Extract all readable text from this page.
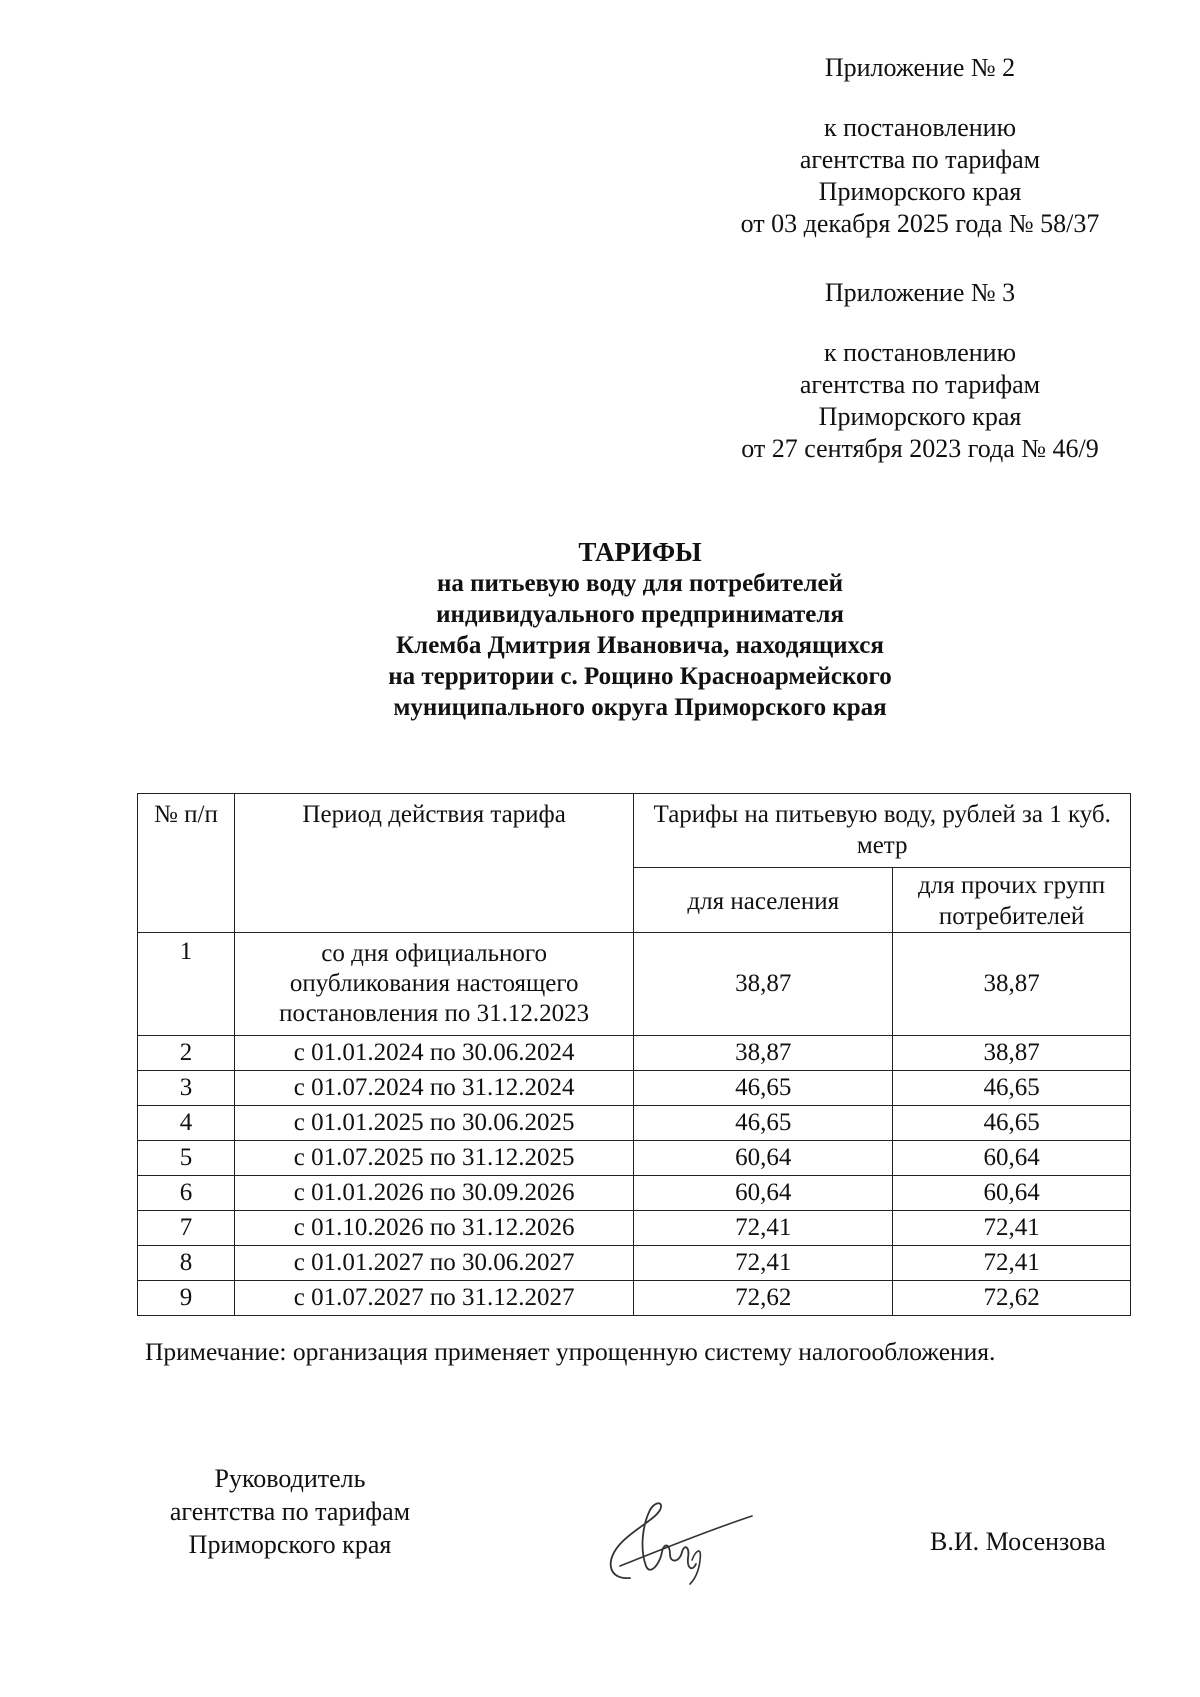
Приложение № 2
к постановлению
агентства по тарифам
Приморского края
от 03 декабря 2025 года № 58/37
Приложение № 3
к постановлению
агентства по тарифам
Приморского края
от 27 сентября 2023 года № 46/9
ТАРИФЫ
на питьевую воду для потребителей
индивидуального предпринимателя
Клемба Дмитрия Ивановича, находящихся
на территории с. Рощино Красноармейского
муниципального округа Приморского края
№ п/п	Период действия тарифа	Тарифы на питьевую воду, рублей за 1 куб. метр	
		для населения	для прочих групп потребителей
1	со дня официального опубликования настоящего постановления по 31.12.2023	38,87	38,87
2	с 01.01.2024 по 30.06.2024	38,87	38,87
3	с 01.07.2024 по 31.12.2024	46,65	46,65
4	с 01.01.2025 по 30.06.2025	46,65	46,65
5	с 01.07.2025 по 31.12.2025	60,64	60,64
6	с 01.01.2026 по 30.09.2026	60,64	60,64
7	с 01.10.2026 по 31.12.2026	72,41	72,41
8	с 01.01.2027 по 30.06.2027	72,41	72,41
9	с 01.07.2027 по 31.12.2027	72,62	72,62
Примечание: организация применяет упрощенную систему налогообложения.
Руководитель
агентства по тарифам
Приморского края	В.И. Мосензова
